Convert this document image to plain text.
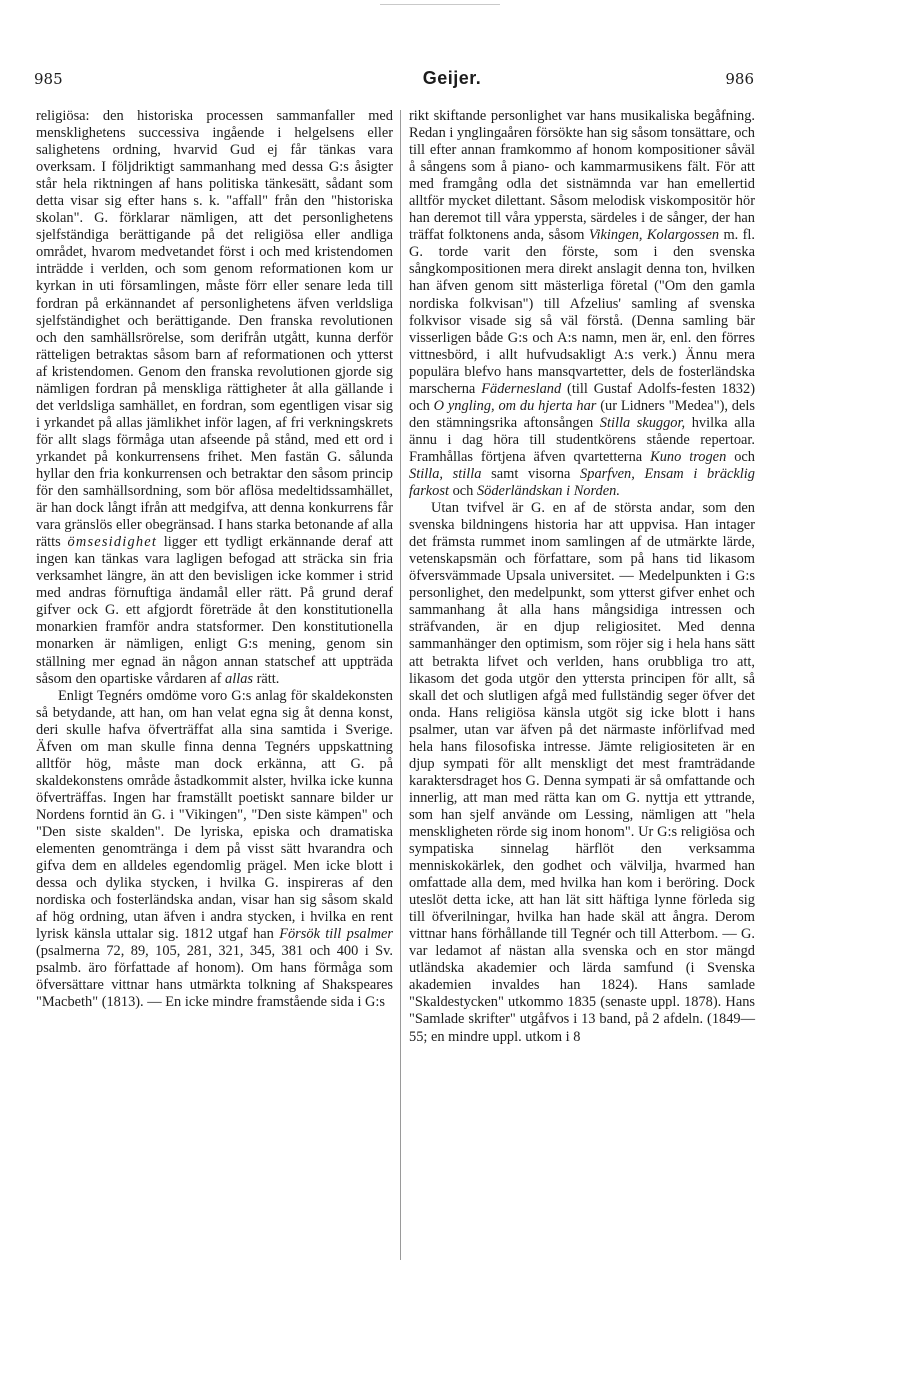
985	Geijer.	986

religiösa: den historiska processen sammanfaller med mensklighetens successiva ingående i helgelsens eller salighetens ordning, hvarvid Gud ej får tänkas vara overksam. I följdriktigt sammanhang med dessa G:s åsigter står hela riktningen af hans politiska tänkesätt, sådant som detta visar sig efter hans s. k. "affall" från den "historiska skolan". G. förklarar nämligen, att det personlighetens sjelfständiga berättigande på det religiösa eller andliga området, hvarom medvetandet först i och med kristendomen inträdde i verlden, och som genom reformationen kom ur kyrkan in uti församlingen, måste förr eller senare leda till fordran på erkännandet af personlighetens äfven verldsliga sjelfständighet och berättigande. Den franska revolutionen och den samhällsrörelse, som derifrån utgått, kunna derför rätteligen betraktas såsom barn af reformationen och ytterst af kristendomen. Genom den franska revolutionen gjorde sig nämligen fordran på menskliga rättigheter åt alla gällande i det verldsliga samhället, en fordran, som egentligen visar sig i yrkandet på allas jämlikhet inför lagen, af fri verkningskrets för allt slags förmåga utan afseende på stånd, med ett ord i yrkandet på konkurrensens frihet. Men fastän G. sålunda hyllar den fria konkurrensen och betraktar den såsom princip för den samhällsordning, som bör aflösa medeltidssamhället, är han dock långt ifrån att medgifva, att denna konkurrens får vara gränslös eller obegränsad. I hans starka betonande af alla rätts ömsesidighet ligger ett tydligt erkännande deraf att ingen kan tänkas vara lagligen befogad att sträcka sin fria verksamhet längre, än att den bevisligen icke kommer i strid med andras förnuftiga ändamål eller rätt. På grund deraf gifver ock G. ett afgjordt företräde åt den konstitutionella monarkien framför andra statsformer. Den konstitutionella monarken är nämligen, enligt G:s mening, genom sin ställning mer egnad än någon annan statschef att uppträda såsom den opartiske vårdaren af allas rätt.

Enligt Tegnérs omdöme voro G:s anlag för skaldekonsten så betydande, att han, om han velat egna sig åt denna konst, deri skulle hafva öfverträffat alla sina samtida i Sverige. Äfven om man skulle finna denna Tegnérs uppskattning alltför hög, måste man dock erkänna, att G. på skaldekonstens område åstadkommit alster, hvilka icke kunna öfverträffas. Ingen har framställt poetiskt sannare bilder ur Nordens forntid än G. i "Vikingen", "Den siste kämpen" och "Den siste skalden". De lyriska, episka och dramatiska elementen genomtränga i dem på visst sätt hvarandra och gifva dem en alldeles egendomlig prägel. Men icke blott i dessa och dylika stycken, i hvilka G. inspireras af den nordiska och fosterländska andan, visar han sig såsom skald af hög ordning, utan äfven i andra stycken, i hvilka en rent lyrisk känsla uttalar sig. 1812 utgaf han Försök till psalmer (psalmerna 72, 89, 105, 281, 321, 345, 381 och 400 i Sv. psalmb. äro författade af honom). Om hans förmåga som öfversättare vittnar hans utmärkta tolkning af Shakspeares "Macbeth" (1813). — En icke mindre framstående sida i G:s

rikt skiftande personlighet var hans musikaliska begåfning. Redan i ynglingaåren försökte han sig såsom tonsättare, och till efter annan framkommo af honom kompositioner såväl å sångens som å piano- och kammarmusikens fält. För att med framgång odla det sistnämnda var han emellertid alltför mycket dilettant. Såsom melodisk viskompositör hör han deremot till våra yppersta, särdeles i de sånger, der han träffat folktonens anda, såsom Vikingen, Kolargossen m. fl. G. torde varit den förste, som i den svenska sångkompositionen mera direkt anslagit denna ton, hvilken han äfven genom sitt mästerliga företal ("Om den gamla nordiska folkvisan") till Afzelius' samling af svenska folkvisor visade sig så väl förstå. (Denna samling bär visserligen både G:s och A:s namn, men är, enl. den förres vittnesbörd, i allt hufvudsakligt A:s verk.) Ännu mera populära blefvo hans mansqvartetter, dels de fosterländska marscherna Fädernesland (till Gustaf Adolfs-festen 1832) och O yngling, om du hjerta har (ur Lidners "Medea"), dels den stämningsrika aftonsången Stilla skuggor, hvilka alla ännu i dag höra till studentkörens stående repertoar. Framhållas förtjena äfven qvartetterna Kuno trogen och Stilla, stilla samt visorna Sparfven, Ensam i bräcklig farkost och Söderländskan i Norden.

Utan tvifvel är G. en af de största andar, som den svenska bildningens historia har att uppvisa. Han intager det främsta rummet inom samlingen af de utmärkte lärde, vetenskapsmän och författare, som på hans tid likasom öfversvämmade Upsala universitet. — Medelpunkten i G:s personlighet, den medelpunkt, som ytterst gifver enhet och sammanhang åt alla hans mångsidiga intressen och sträfvanden, är en djup religiositet. Med denna sammanhänger den optimism, som röjer sig i hela hans sätt att betrakta lifvet och verlden, hans orubbliga tro att, likasom det goda utgör den yttersta principen för allt, så skall det och slutligen afgå med fullständig seger öfver det onda. Hans religiösa känsla utgöt sig icke blott i hans psalmer, utan var äfven på det närmaste införlifvad med hela hans filosofiska intresse. Jämte religiositeten är en djup sympati för allt menskligt det mest framträdande karaktersdraget hos G. Denna sympati är så omfattande och innerlig, att man med rätta kan om G. nyttja ett yttrande, som han sjelf använde om Lessing, nämligen att "hela menskligheten rörde sig inom honom". Ur G:s religiösa och sympatiska sinnelag härflöt den verksamma menniskokärlek, den godhet och välvilja, hvarmed han omfattade alla dem, med hvilka han kom i beröring. Dock uteslöt detta icke, att han lät sitt häftiga lynne förleda sig till öfverilningar, hvilka han hade skäl att ångra. Derom vittnar hans förhållande till Tegnér och till Atterbom. — G. var ledamot af nästan alla svenska och en stor mängd utländska akademier och lärda samfund (i Svenska akademien invaldes han 1824). Hans samlade "Skaldestycken" utkommo 1835 (senaste uppl. 1878). Hans "Samlade skrifter" utgåfvos i 13 band, på 2 afdeln. (1849—55; en mindre uppl. utkom i 8
